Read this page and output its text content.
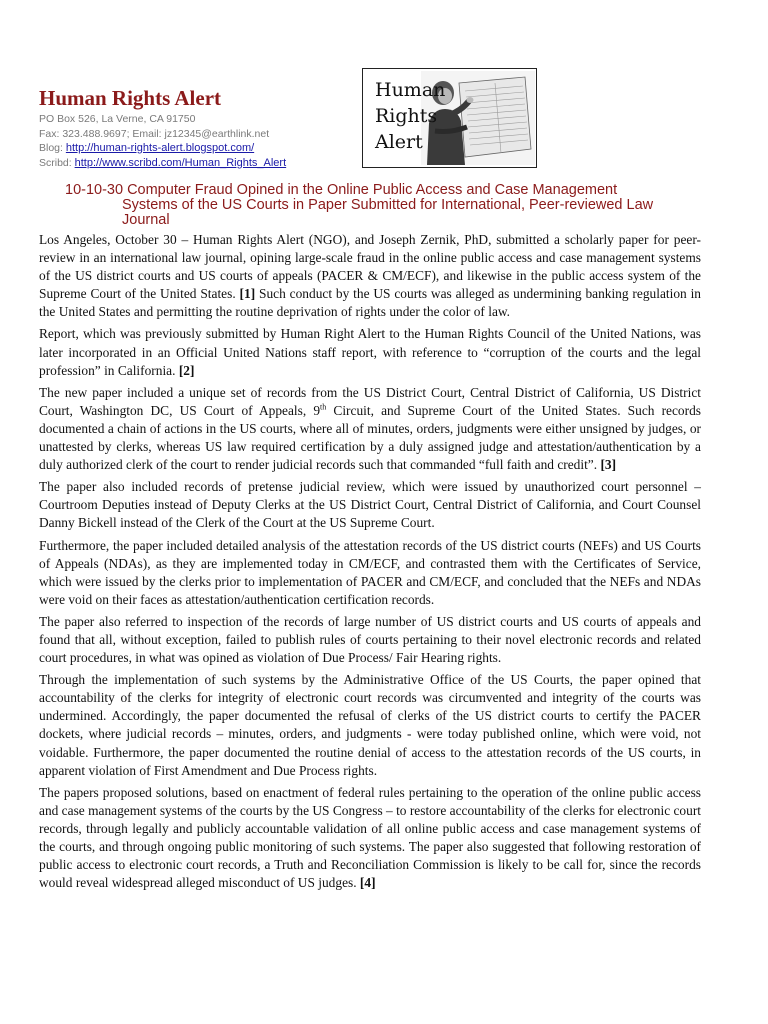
Human Rights Alert
PO Box 526, La Verne, CA 91750
Fax: 323.488.9697; Email: jz12345@earthlink.net
Blog: http://human-rights-alert.blogspot.com/
Scribd: http://www.scribd.com/Human_Rights_Alert
Human
Rights
Alert
10-10-30 Computer Fraud Opined in the Online Public Access and Case Management
Systems of the US Courts in Paper Submitted for International, Peer-reviewed Law
Journal

Los Angeles, October 30 – Human Rights Alert (NGO), and Joseph Zernik, PhD, submitted a scholarly paper for peer-review in an international law journal, opining large-scale fraud in the online public access and case management systems of the US district courts and US courts of appeals (PACER & CM/ECF), and likewise in the public access system of the Supreme Court of the United States. [1] Such conduct by the US courts was alleged as undermining banking regulation in the United States and permitting the routine deprivation of rights under the color of law.

Report, which was previously submitted by Human Right Alert to the Human Rights Council of the United Nations, was later incorporated in an Official United Nations staff report, with reference to “corruption of the courts and the legal profession” in California. [2]

The new paper included a unique set of records from the US District Court, Central District of California, US District Court, Washington DC, US Court of Appeals, 9th Circuit, and Supreme Court of the United States. Such records documented a chain of actions in the US courts, where all of minutes, orders, judgments were either unsigned by judges, or unattested by clerks, whereas US law required certification by a duly assigned judge and attestation/authentication by a duly authorized clerk of the court to render judicial records such that commanded “full faith and credit”. [3]

The paper also included records of pretense judicial review, which were issued by unauthorized court personnel – Courtroom Deputies instead of Deputy Clerks at the US District Court, Central District of California, and Court Counsel Danny Bickell instead of the Clerk of the Court at the US Supreme Court.

Furthermore, the paper included detailed analysis of the attestation records of the US district courts (NEFs) and US Courts of Appeals (NDAs), as they are implemented today in CM/ECF, and contrasted them with the Certificates of Service, which were issued by the clerks prior to implementation of PACER and CM/ECF, and concluded that the NEFs and NDAs were void on their faces as attestation/authentication certification records.

The paper also referred to inspection of the records of large number of US district courts and US courts of appeals and found that all, without exception, failed to publish rules of courts pertaining to their novel electronic records and related court procedures, in what was opined as violation of Due Process/ Fair Hearing rights.

Through the implementation of such systems by the Administrative Office of the US Courts, the paper opined that accountability of the clerks for integrity of electronic court records was circumvented and integrity of the courts was undermined. Accordingly, the paper documented the refusal of clerks of the US district courts to certify the PACER dockets, where judicial records – minutes, orders, and judgments - were today published online, which were void, not voidable. Furthermore, the paper documented the routine denial of access to the attestation records of the US courts, in apparent violation of First Amendment and Due Process rights.

The papers proposed solutions, based on enactment of federal rules pertaining to the operation of the online public access and case management systems of the courts by the US Congress – to restore accountability of the clerks for electronic court records, through legally and publicly accountable validation of all online public access and case management systems of the courts, and through ongoing public monitoring of such systems. The paper also suggested that following restoration of public access to electronic court records, a Truth and Reconciliation Commission is likely to be call for, since the records would reveal widespread alleged misconduct of US judges. [4]
